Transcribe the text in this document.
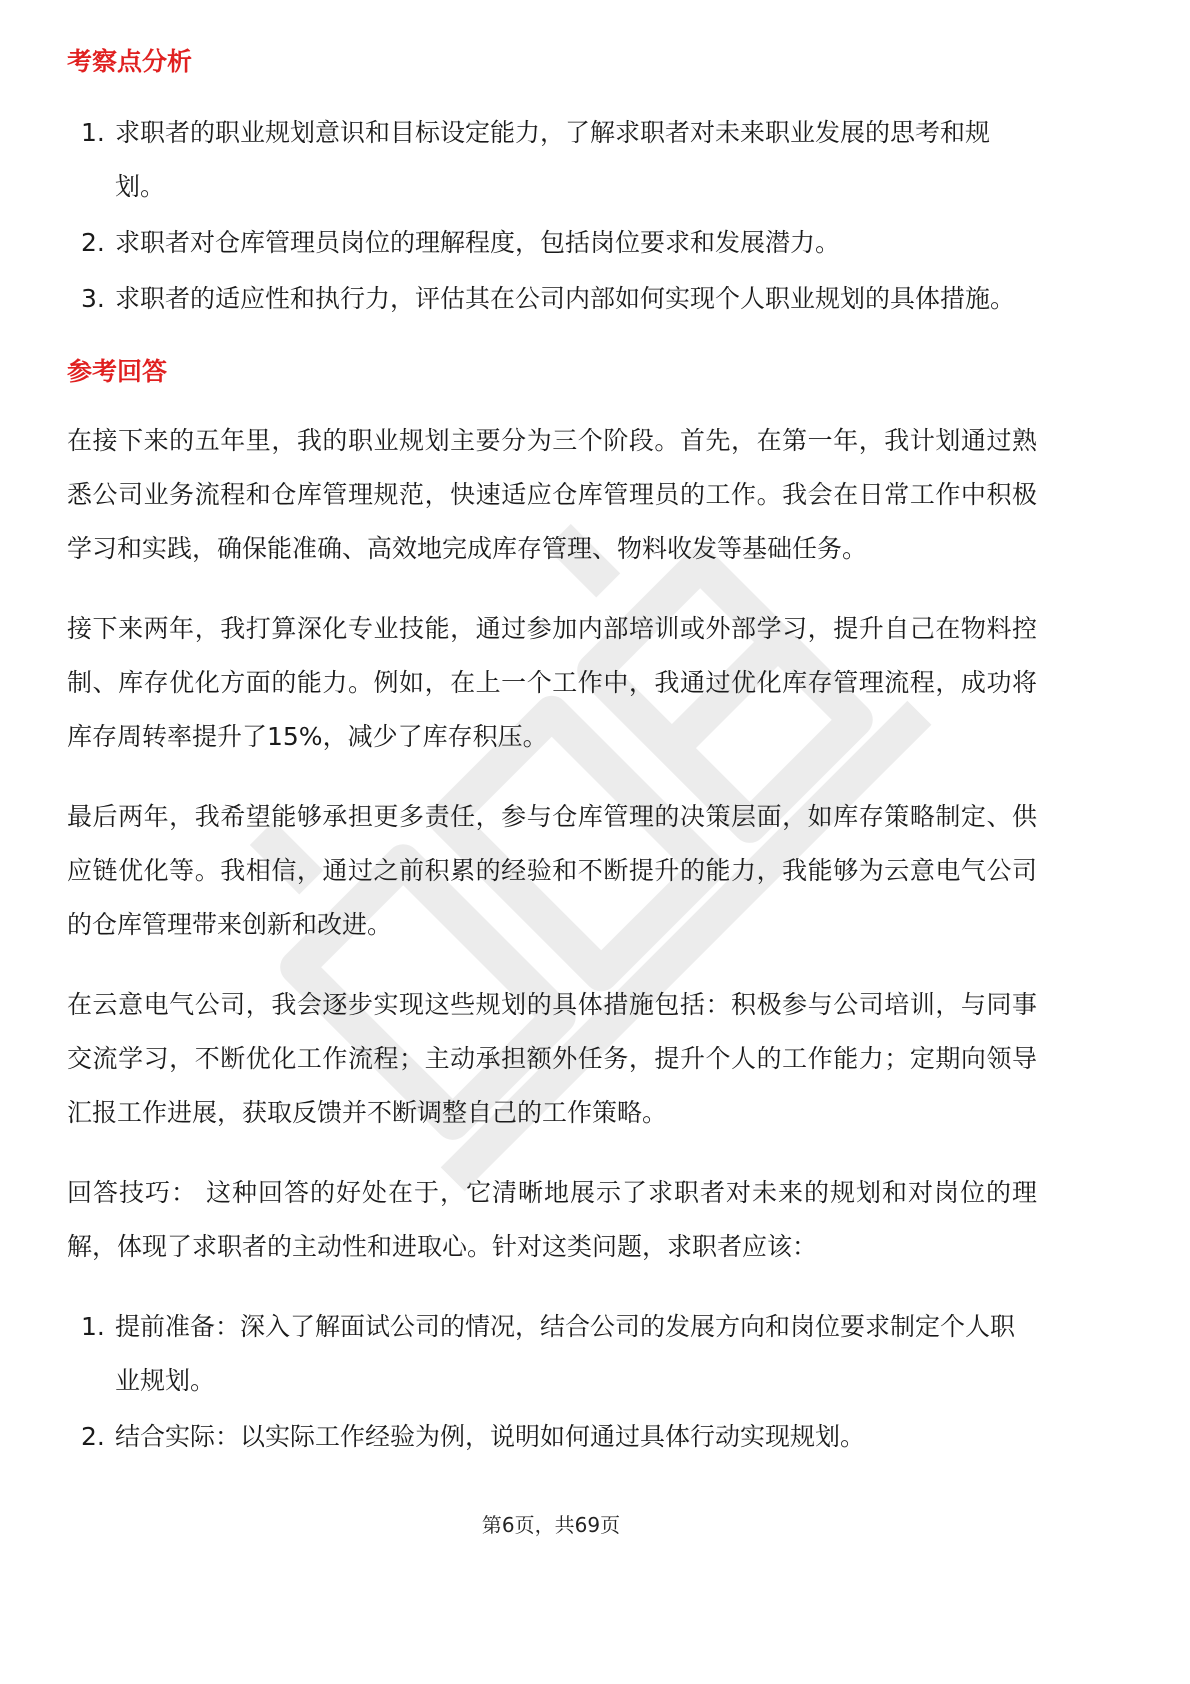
考察点分析
1. 求职者的职业规划意识和目标设定能力，了解求职者对未来职业发展的思考和规划。
2. 求职者对仓库管理员岗位的理解程度，包括岗位要求和发展潜力。
3. 求职者的适应性和执行力，评估其在公司内部如何实现个人职业规划的具体措施。
参考回答

在接下来的五年里，我的职业规划主要分为三个阶段。首先，在第一年，我计划通过熟悉公司业务流程和仓库管理规范，快速适应仓库管理员的工作。我会在日常工作中积极学习和实践，确保能准确、高效地完成库存管理、物料收发等基础任务。

接下来两年，我打算深化专业技能，通过参加内部培训或外部学习，提升自己在物料控制、库存优化方面的能力。例如，在上一个工作中，我通过优化库存管理流程，成功将库存周转率提升了15%，减少了库存积压。

最后两年，我希望能够承担更多责任，参与仓库管理的决策层面，如库存策略制定、供应链优化等。我相信，通过之前积累的经验和不断提升的能力，我能够为云意电气公司的仓库管理带来创新和改进。

在云意电气公司，我会逐步实现这些规划的具体措施包括：积极参与公司培训，与同事交流学习，不断优化工作流程；主动承担额外任务，提升个人的工作能力；定期向领导汇报工作进展，获取反馈并不断调整自己的工作策略。

回答技巧： 这种回答的好处在于，它清晰地展示了求职者对未来的规划和对岗位的理解，体现了求职者的主动性和进取心。针对这类问题，求职者应该：

1. 提前准备：深入了解面试公司的情况，结合公司的发展方向和岗位要求制定个人职业规划。
2. 结合实际：以实际工作经验为例，说明如何通过具体行动实现规划。
第6页，共69页
